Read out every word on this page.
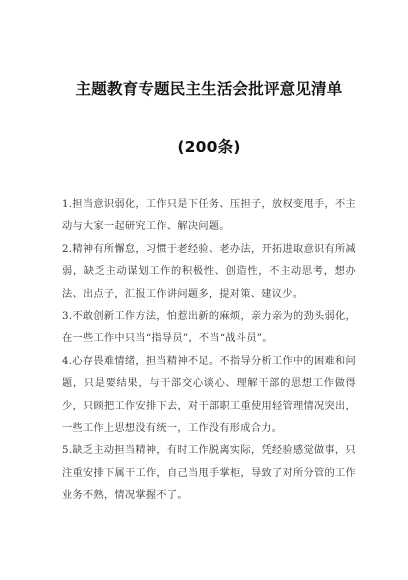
主题教育专题民主生活会批评意见清单(200条)

1.担当意识弱化，工作只是下任务、压担子，放权变甩手，不主动与大家一起研究工作、解决问题。

2.精神有所懈怠，习惯于老经验、老办法，开拓进取意识有所减弱，缺乏主动谋划工作的积极性、创造性，不主动思考，想办法、出点子，汇报工作讲问题多，提对策、建议少。

3.不敢创新工作方法，怕惹出新的麻烦，亲力亲为的劲头弱化，在一些工作中只当“指导员”，不当“战斗员”。

4.心存畏难情绪，担当精神不足。不指导分析工作中的困难和问题，只是要结果，与干部交心谈心、理解干部的思想工作做得少，只顾把工作安排下去，对干部职工重使用轻管理情况突出，一些工作上思想没有统一，工作没有形成合力。

5.缺乏主动担当精神，有时工作脱离实际，凭经验感觉做事，只注重安排下属干工作，自己当甩手掌柜，导致了对所分管的工作业务不熟，情况掌握不了。
